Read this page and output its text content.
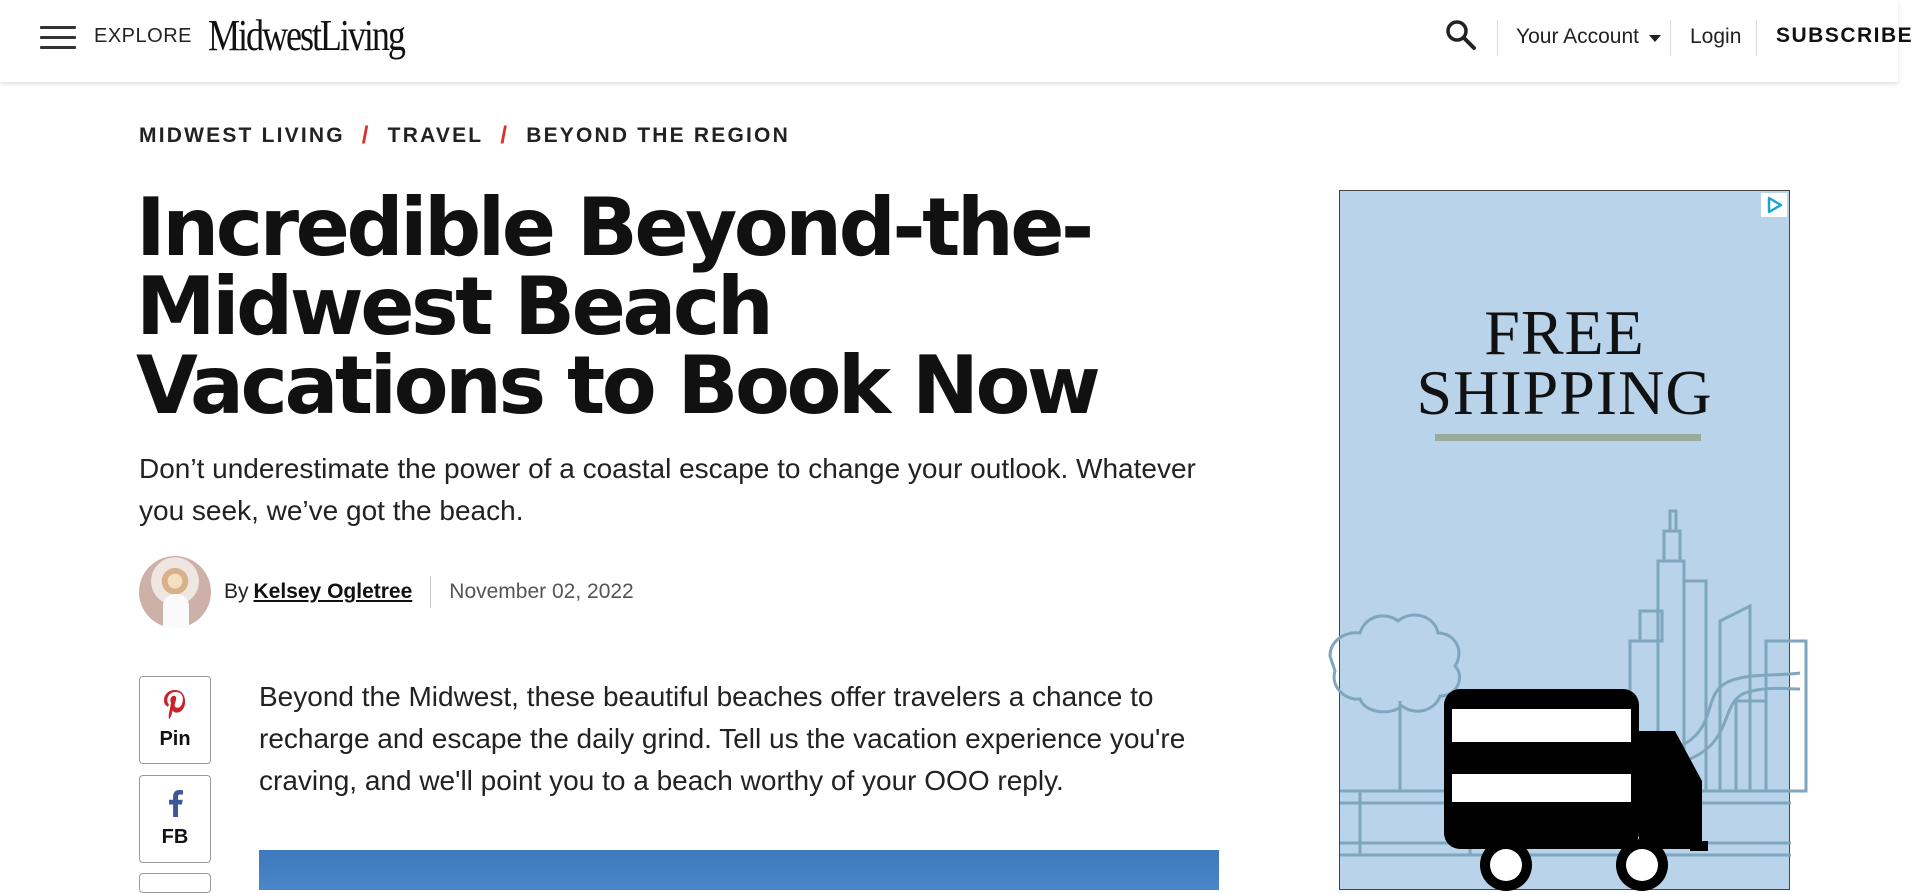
EXPLORE MidwestLiving	Your Account Login SUBSCRIBE
MIDWEST LIVING / TRAVEL / BEYOND THE REGION
Incredible Beyond-the-Midwest Beach Vacations to Book Now

Don’t underestimate the power of a coastal escape to change your outlook. Whatever you seek, we’ve got the beach.

By Kelsey Ogletree November 02, 2022
Pin
FB

Beyond the Midwest, these beautiful beaches offer travelers a chance to recharge and escape the daily grind. Tell us the vacation experience you're craving, and we'll point you to a beach worthy of your OOO reply.

FREE
SHIPPING
